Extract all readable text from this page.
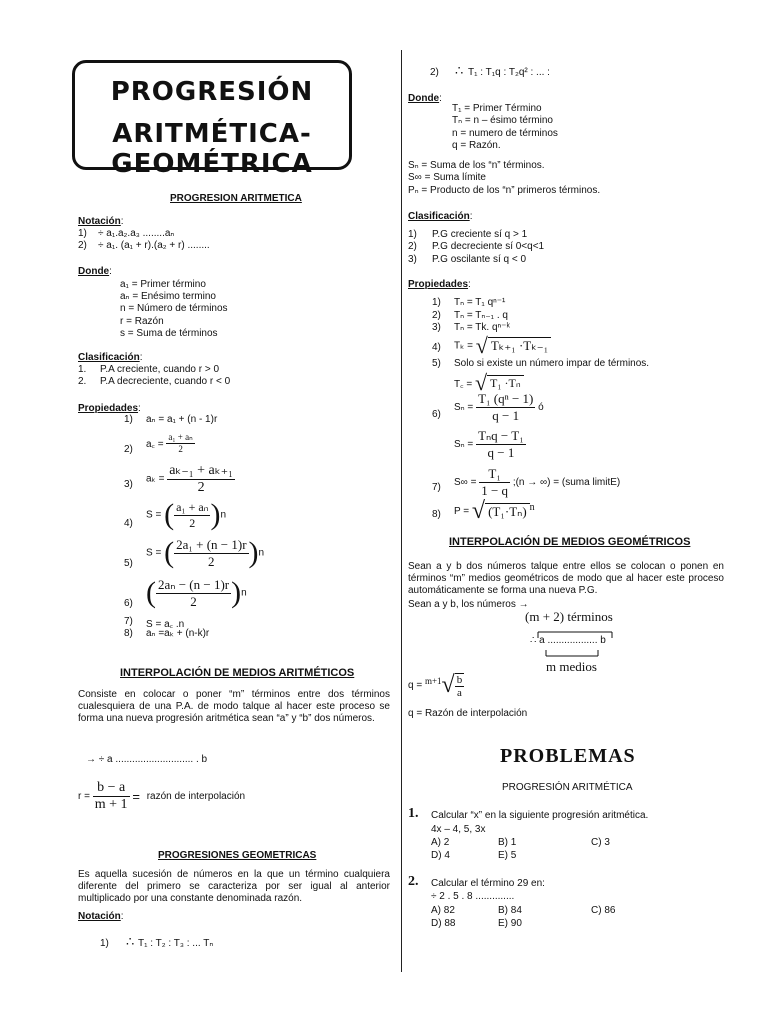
PROGRESIÓN
ARITMÉTICA-GEOMÉTRICA
PROGRESION ARITMETICA
Notación:
1) ÷ a₁.a₂.a₃ ........aₙ
2) ÷ a₁. (a₁ + r).(a₂ + r) ........
Donde:
a₁ = Primer término
aₙ = Enésimo termino
n = Número de términos
r = Razón
s = Suma de términos
Clasificación:
1. P.A creciente, cuando r > 0
2. P.A decreciente, cuando r < 0
Propiedades:
1) aₙ = a₁ + (n - 1)r
2) a꜀ = $\frac{\text{a₁ + aₙ}}{2}$
3) $a_k = \frac{\text{aₖ₋₁ + aₖ₊₁}}{2}$
4)
S = ( $\frac{\text{a₁ + aₙ}}{2} )n$
5)
S = ( $\frac{\text{2a₁ + (n − 1)r}}{2} )n$
6) ( $\frac{\text{2aₙ − (n − 1)r}}{2} )n$
7) S = a꜀ .n
8) aₙ =aₖ + (n-k)r
INTERPOLACIÓN DE MEDIOS ARITMÉTICOS
Consiste en colocar o poner “m” términos entre dos términos cualesquiera de una P.A. de modo talque al hacer este proceso se forma una nueva progresión aritmética sean “a” y “b” dos números.
→ ÷ a ............................ . b
$r = \frac{b - a}{m + 1}$ = razón de interpolación
PROGRESIONES GEOMETRICAS
Es aquella sucesión de números en la que un término cualquiera diferente del primero se caracteriza por ser igual al anterior multiplicado por una constante denominada razón.
Notación:
1) ∴ T₁ : T₂ : T₃ : ... Tₙ
2) ∴ T₁ : T₁q : T₂q² : ... :
Donde:
T₁ = Primer Término
Tₙ = n – ésimo término
n = numero de términos
q = Razón.
Sₙ = Suma de los “n” términos.
S∞ = Suma límite
Pₙ = Producto de los “n” primeros términos.
Clasificación:
1) P.G creciente sí q > 1
2) P.G decreciente sí 0<q<1
3) P.G oscilante sí q < 0
Propiedades:
1) Tₙ = T₁ qⁿ⁻¹
2) Tₙ = Tₙ₋₁ . q
3) Tₙ = Tk. qⁿ⁻ᵏ
4) Tₖ = √ Tₖ₊₁ ·Tₖ₋₁
5) Solo si existe un número impar de términos.
T꜀ = √ T₁ ·Tₙ
6)
$S_n = \frac{\text{T₁ (qⁿ − 1)}}{q - 1}$ ó
$S_n = \frac{\text{Tₙq − T₁}}{q - 1}$
7) $S\infty = \frac{\text{T₁}}{1 - q}$ ;(n → ∞) = (suma limitE)
8) P = √ (T₁·Tₙ) $^n$
INTERPOLACIÓN DE MEDIOS GEOMÉTRICOS
Sean a y b dos números talque entre ellos se colocan o ponen en términos “m” medios geométricos de modo que al hacer este proceso automáticamente se forma una nueva P.G.
Sean a y b, los números →
(m + 2) términos
∴ a .................. b
m medios
$q = ^{m+1}√ \frac{b}{a}$
q = Razón de interpolación
PROBLEMAS
PROGRESIÓN ARITMÉTICA
1. Calcular “x” en la siguiente progresión aritmética.
4x – 4, 5, 3x
A) 2	B) 1	C) 3
D) 4	E) 5
2. Calcular el término 29 en:
÷ 2 . 5 . 8 ..............
A) 82	B) 84	C) 86
D) 88	E) 90
